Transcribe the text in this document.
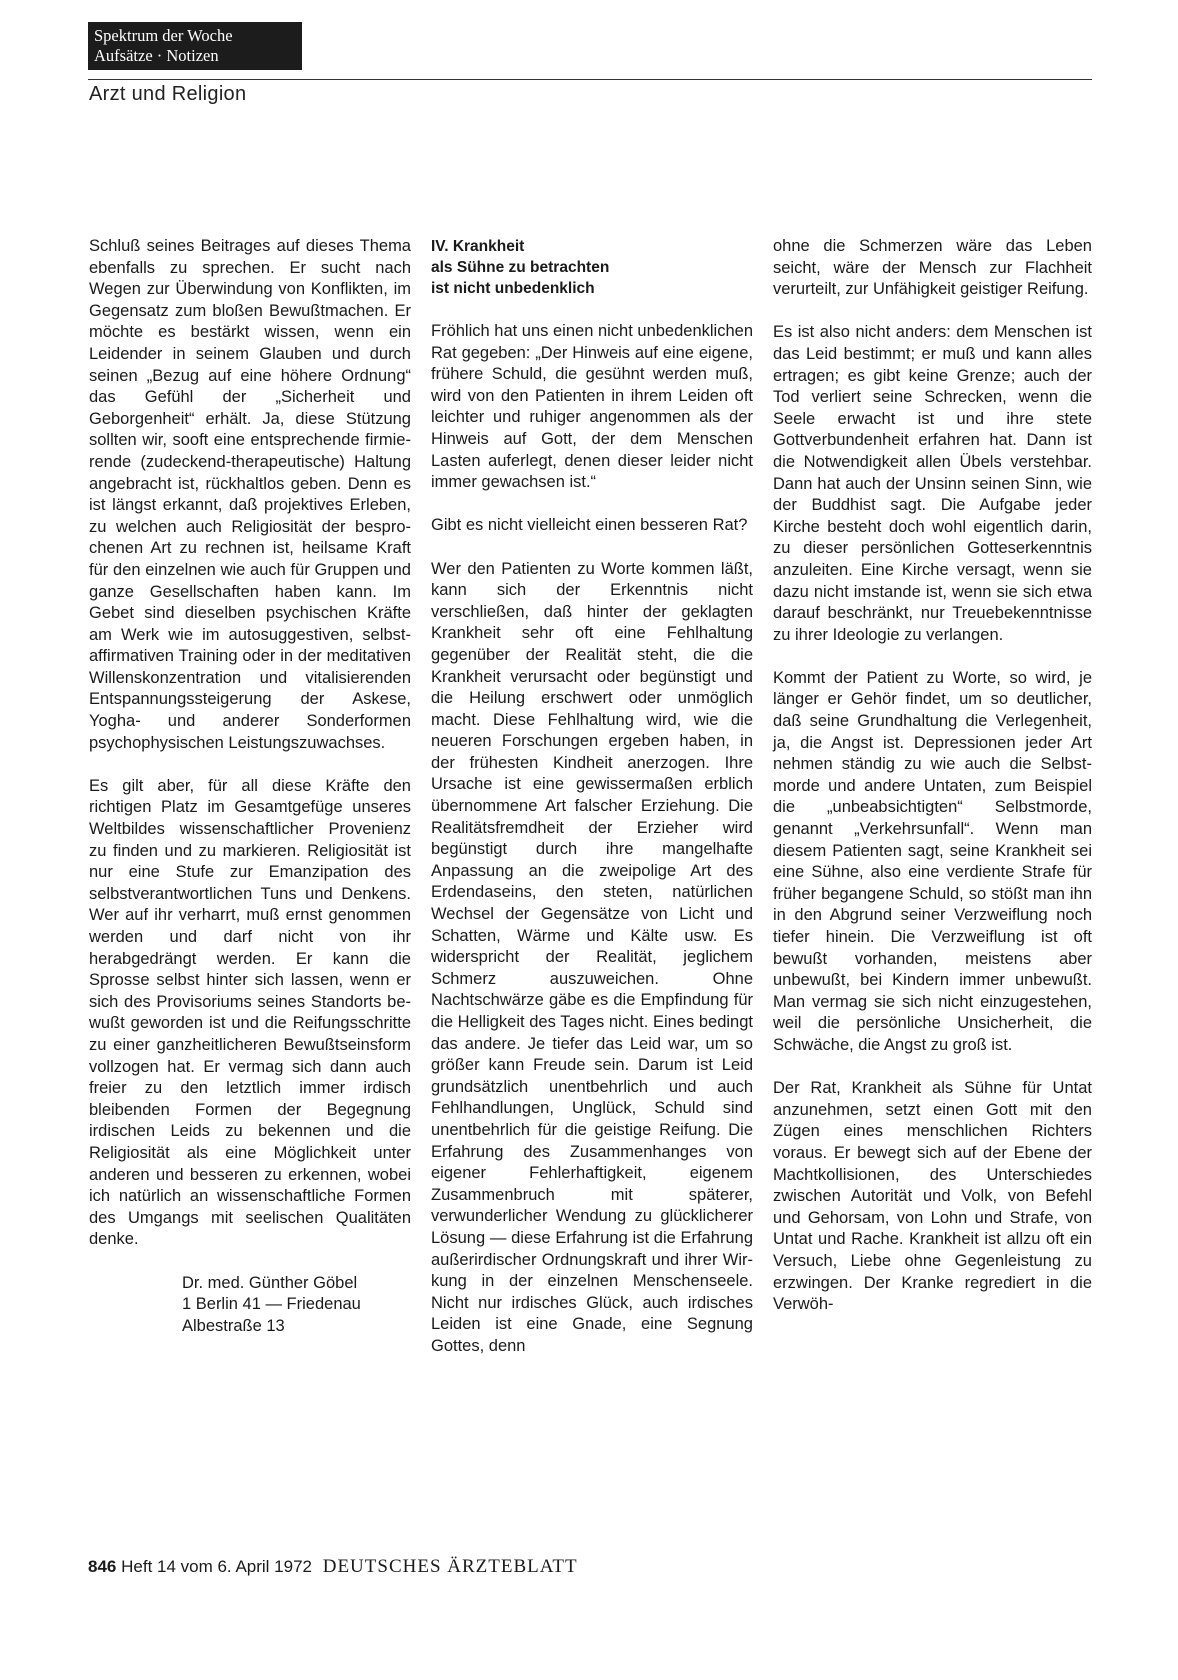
Spektrum der Woche
Aufsätze · Notizen
Arzt und Religion

Schluß seines Beitrages auf dieses Thema ebenfalls zu sprechen. Er sucht nach Wegen zur Überwindung von Konflikten, im Gegensatz zum bloßen Bewußtmachen. Er möchte es bestärkt wissen, wenn ein Leidender in seinem Glauben und durch seinen „Bezug auf eine höhere Ordnung“ das Gefühl der „Sicherheit und Geborgenheit“ erhält. Ja, diese Stützung sollten wir, sooft eine entsprechende firmierende (zudeckend-therapeutische) Haltung angebracht ist, rückhaltlos geben. Denn es ist längst erkannt, daß projektives Erleben, zu welchen auch Religiosität der besprochenen Art zu rechnen ist, heilsame Kraft für den einzelnen wie auch für Gruppen und ganze Gesellschaften haben kann. Im Gebet sind dieselben psychischen Kräfte am Werk wie im autosuggestiven, selbstaffirmativen Training oder in der meditativen Willenskonzentration und vitalisierenden Entspannungssteigerung der Askese, Yogha- und anderer Sonderformen psychophysischen Leistungszuwachses.

Es gilt aber, für all diese Kräfte den richtigen Platz im Gesamtgefüge unseres Weltbildes wissenschaftlicher Provenienz zu finden und zu markieren. Religiosität ist nur eine Stufe zur Emanzipation des selbstverantwortlichen Tuns und Denkens. Wer auf ihr verharrt, muß ernst genommen werden und darf nicht von ihr herabgedrängt werden. Er kann die Sprosse selbst hinter sich lassen, wenn er sich des Provisoriums seines Standorts bewußt geworden ist und die Reifungsschritte zu einer ganzheitlicheren Bewußtseinsform vollzogen hat. Er vermag sich dann auch freier zu den letztlich immer irdisch bleibenden Formen der Begegnung irdischen Leids zu bekennen und die Religiosität als eine Möglichkeit unter anderen und besseren zu erkennen, wobei ich natürlich an wissenschaftliche Formen des Umgangs mit seelischen Qualitäten denke.

Dr. med. Günther Göbel
1 Berlin 41 — Friedenau
Albestraße 13
IV. Krankheit
als Sühne zu betrachten
ist nicht unbedenklich

Fröhlich hat uns einen nicht unbedenklichen Rat gegeben: „Der Hinweis auf eine eigene, frühere Schuld, die gesühnt werden muß, wird von den Patienten in ihrem Leiden oft leichter und ruhiger angenommen als der Hinweis auf Gott, der dem Menschen Lasten auferlegt, denen dieser leider nicht immer gewachsen ist.“

Gibt es nicht vielleicht einen besseren Rat?

Wer den Patienten zu Worte kommen läßt, kann sich der Erkenntnis nicht verschließen, daß hinter der geklagten Krankheit sehr oft eine Fehlhaltung gegenüber der Realität steht, die die Krankheit verursacht oder begünstigt und die Heilung erschwert oder unmöglich macht. Diese Fehlhaltung wird, wie die neueren Forschungen ergeben haben, in der frühesten Kindheit anerzogen. Ihre Ursache ist eine gewissermaßen erblich übernommene Art falscher Erziehung. Die Realitätsfremdheit der Erzieher wird begünstigt durch ihre mangelhafte Anpassung an die zweipolige Art des Erdendaseins, den steten, natürlichen Wechsel der Gegensätze von Licht und Schatten, Wärme und Kälte usw. Es widerspricht der Realität, jeglichem Schmerz auszuweichen. Ohne Nachtschwärze gäbe es die Empfindung für die Helligkeit des Tages nicht. Eines bedingt das andere. Je tiefer das Leid war, um so größer kann Freude sein. Darum ist Leid grundsätzlich unentbehrlich und auch Fehlhandlungen, Unglück, Schuld sind unentbehrlich für die geistige Reifung. Die Erfahrung des Zusammenhanges von eigener Fehlerhaftigkeit, eigenem Zusammenbruch mit späterer, verwunderlicher Wendung zu glücklicherer Lösung — diese Erfahrung ist die Erfahrung außerirdischer Ordnungskraft und ihrer Wirkung in der einzelnen Menschenseele. Nicht nur irdisches Glück, auch irdisches Leiden ist eine Gnade, eine Segnung Gottes, denn

ohne die Schmerzen wäre das Leben seicht, wäre der Mensch zur Flachheit verurteilt, zur Unfähigkeit geistiger Reifung.

Es ist also nicht anders: dem Menschen ist das Leid bestimmt; er muß und kann alles ertragen; es gibt keine Grenze; auch der Tod verliert seine Schrecken, wenn die Seele erwacht ist und ihre stete Gottverbundenheit erfahren hat. Dann ist die Notwendigkeit allen Übels verstehbar. Dann hat auch der Unsinn seinen Sinn, wie der Buddhist sagt. Die Aufgabe jeder Kirche besteht doch wohl eigentlich darin, zu dieser persönlichen Gotteserkenntnis anzuleiten. Eine Kirche versagt, wenn sie dazu nicht imstande ist, wenn sie sich etwa darauf beschränkt, nur Treuebekenntnisse zu ihrer Ideologie zu verlangen.

Kommt der Patient zu Worte, so wird, je länger er Gehör findet, um so deutlicher, daß seine Grundhaltung die Verlegenheit, ja, die Angst ist. Depressionen jeder Art nehmen ständig zu wie auch die Selbstmorde und andere Untaten, zum Beispiel die „unbeabsichtigten“ Selbstmorde, genannt „Verkehrsunfall“. Wenn man diesem Patienten sagt, seine Krankheit sei eine Sühne, also eine verdiente Strafe für früher begangene Schuld, so stößt man ihn in den Abgrund seiner Verzweiflung noch tiefer hinein. Die Verzweiflung ist oft bewußt vorhanden, meistens aber unbewußt, bei Kindern immer unbewußt. Man vermag sie sich nicht einzugestehen, weil die persönliche Unsicherheit, die Schwäche, die Angst zu groß ist.

Der Rat, Krankheit als Sühne für Untat anzunehmen, setzt einen Gott mit den Zügen eines menschlichen Richters voraus. Er bewegt sich auf der Ebene der Machtkollisionen, des Unterschiedes zwischen Autorität und Volk, von Befehl und Gehorsam, von Lohn und Strafe, von Untat und Rache. Krankheit ist allzu oft ein Versuch, Liebe ohne Gegenleistung zu erzwingen. Der Kranke regrediert in die Verwöh-

846 Heft 14 vom 6. April 1972 DEUTSCHES ÄRZTEBLATT
